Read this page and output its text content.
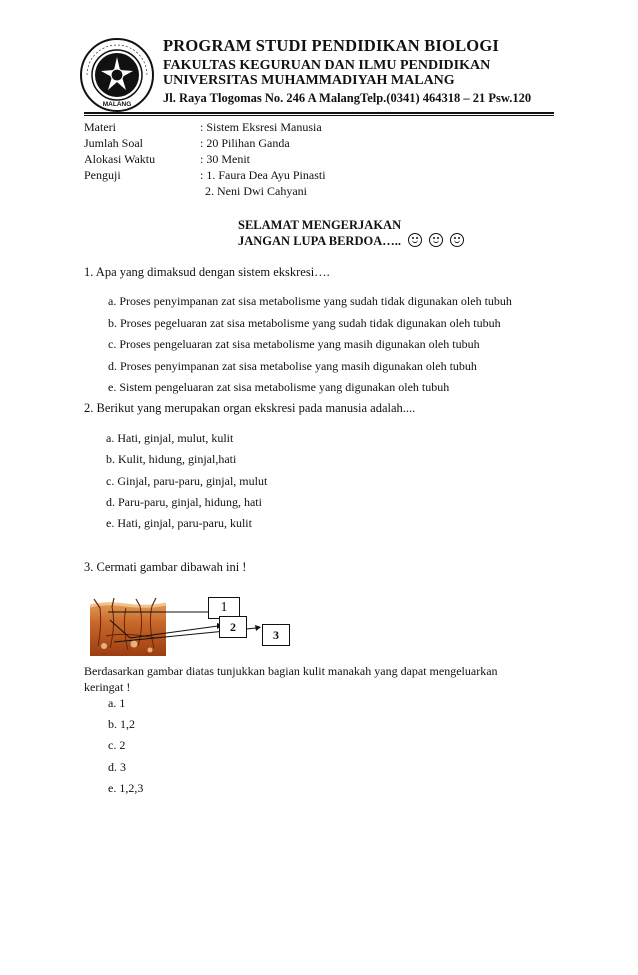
MALANG
PROGRAM STUDI PENDIDIKAN BIOLOGI
FAKULTAS KEGURUAN DAN ILMU PENDIDIKAN
UNIVERSITAS MUHAMMADIYAH MALANG
Jl. Raya Tlogomas No. 246 A MalangTelp.(0341) 464318 – 21 Psw.120
Materi	: Sistem Eksresi Manusia
Jumlah Soal	: 20 Pilihan Ganda
Alokasi Waktu	: 30 Menit
Penguji	: 1. Faura Dea Ayu Pinasti
2. Neni Dwi Cahyani
SELAMAT MENGERJAKAN
JANGAN LUPA BERDOA…..
1. Apa yang dimaksud dengan sistem ekskresi….
a. Proses penyimpanan zat sisa metabolisme yang sudah tidak digunakan oleh tubuh
b. Proses pegeluaran zat sisa metabolisme yang sudah tidak digunakan oleh tubuh
c. Proses pengeluaran zat sisa metabolisme yang masih digunakan oleh tubuh
d. Proses penyimpanan zat sisa metabolise yang masih digunakan oleh tubuh
e. Sistem pengeluaran zat sisa metabolisme yang digunakan oleh tubuh
2. Berikut yang merupakan organ ekskresi pada manusia adalah....
a. Hati, ginjal, mulut, kulit
b. Kulit, hidung, ginjal,hati
c. Ginjal, paru-paru, ginjal, mulut
d. Paru-paru, ginjal, hidung, hati
e. Hati, ginjal, paru-paru, kulit
3. Cermati gambar dibawah ini !
1
2
3
Berdasarkan gambar diatas tunjukkan bagian kulit manakah yang dapat mengeluarkan
keringat !
a. 1
b. 1,2
c. 2
d. 3
e. 1,2,3
